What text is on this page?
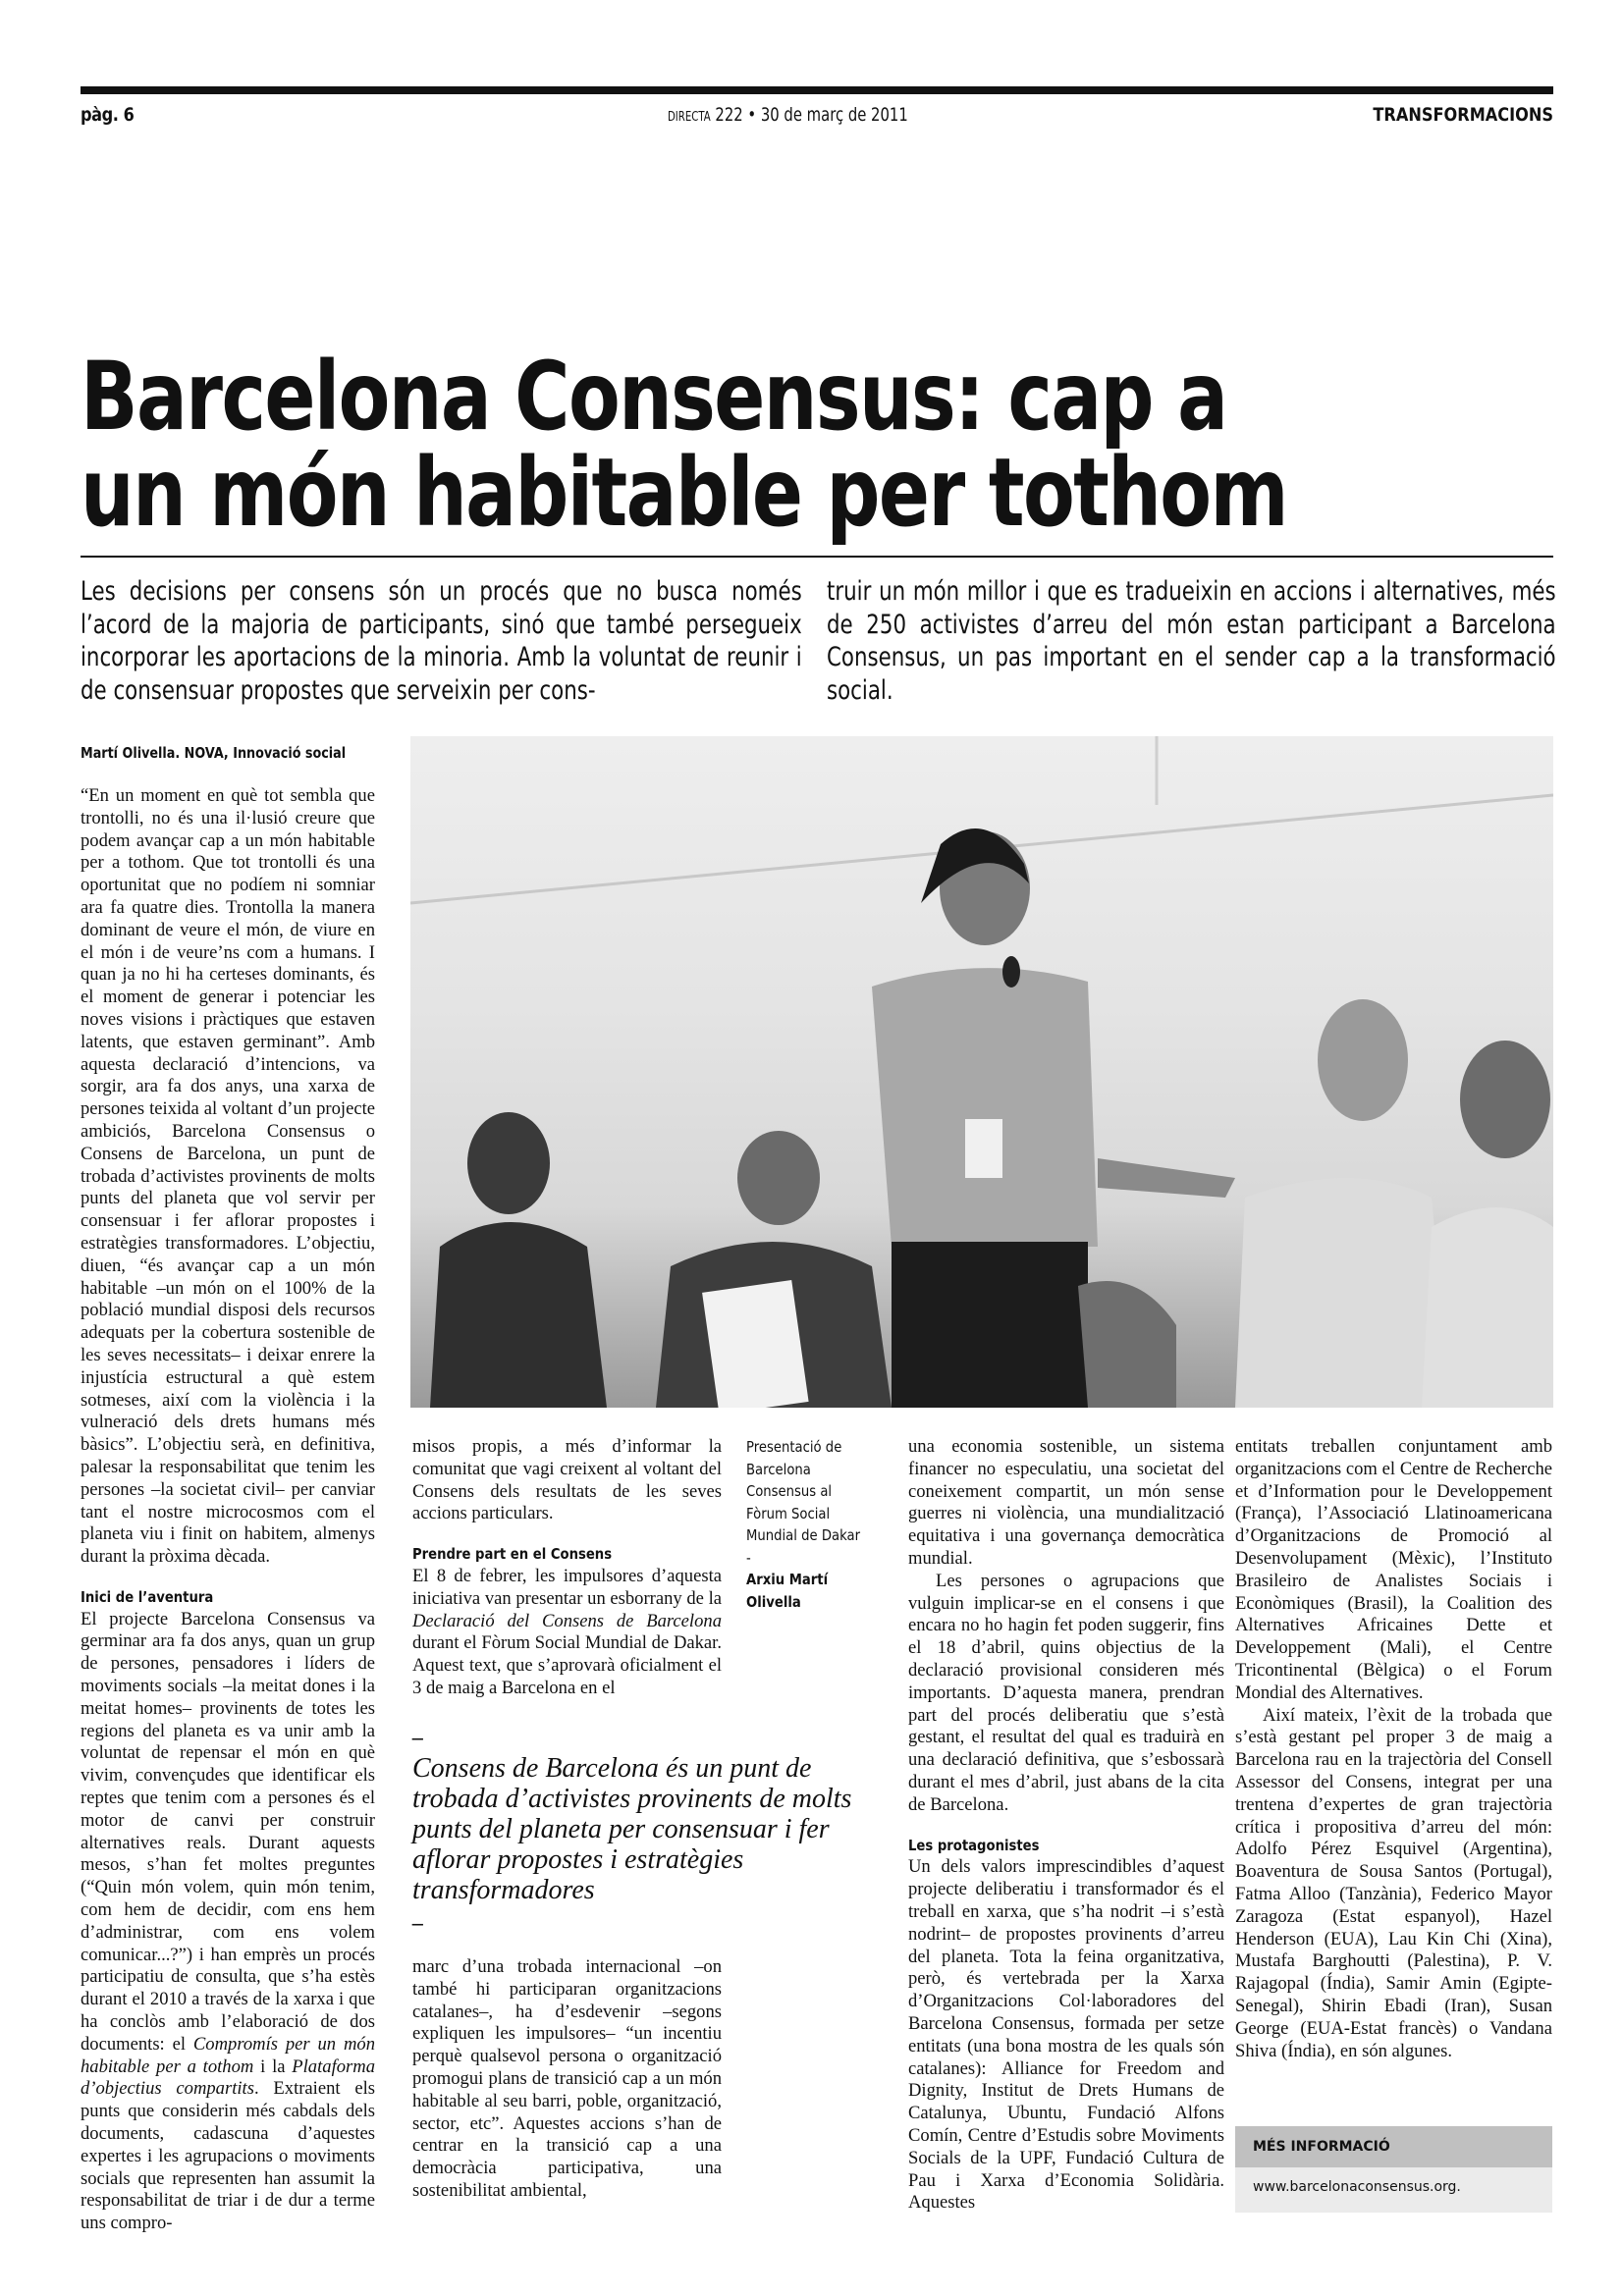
pàg. 6	DIRECTA 222 • 30 de març de 2011	TRANSFORMACIONS
Barcelona Consensus: cap a
un món habitable per tothom
Les decisions per consens són un procés que no busca només l’acord de la majoria de participants, sinó que també persegueix incorporar les aportacions de la minoria. Amb la voluntat de reunir i de consensuar propostes que serveixin per cons-
truir un món millor i que es tradueixin en accions i alternatives, més de 250 activistes d’arreu del món estan participant a Barcelona Consensus, un pas important en el sender cap a la transformació social.
Martí Olivella. NOVA, Innovació social

“En un moment en què tot sembla que trontolli, no és una il·lusió creure que podem avançar cap a un món habitable per a tothom. Que tot trontolli és una oportunitat que no podíem ni somniar ara fa quatre dies. Trontolla la manera dominant de veure el món, de viure en el món i de veure’ns com a humans. I quan ja no hi ha certeses dominants, és el moment de generar i potenciar les noves visions i pràctiques que estaven latents, que estaven germinant”. Amb aquesta declaració d’intencions, va sorgir, ara fa dos anys, una xarxa de persones teixida al voltant d’un projecte ambiciós, Barcelona Consensus o Consens de Barcelona, un punt de trobada d’activistes provinents de molts punts del planeta que vol servir per consensuar i fer aflorar propostes i estratègies transformadores. L’objectiu, diuen, “és avançar cap a un món habitable –un món on el 100% de la població mundial disposi dels recursos adequats per la cobertura sostenible de les seves necessitats– i deixar enrere la injustícia estructural a què estem sotmeses, així com la violència i la vulneració dels drets humans més bàsics”. L’objectiu serà, en definitiva, palesar la responsabilitat que tenim les persones –la societat civil– per canviar tant el nostre microcosmos com el planeta viu i finit on habitem, almenys durant la pròxima dècada.

Inici de l’aventura

El projecte Barcelona Consensus va germinar ara fa dos anys, quan un grup de persones, pensadores i líders de moviments socials –la meitat dones i la meitat homes– provinents de totes les regions del planeta es va unir amb la voluntat de repensar el món en què vivim, convençudes que identificar els reptes que tenim com a persones és el motor de canvi per construir alternatives reals. Durant aquests mesos, s’han fet moltes preguntes (“Quin món volem, quin món tenim, com hem de decidir, com ens hem d’administrar, com ens volem comunicar...?”) i han emprès un procés participatiu de consulta, que s’ha estès durant el 2010 a través de la xarxa i que ha conclòs amb l’elaboració de dos documents: el Compromís per un món habitable per a tothom i la Plataforma d’objectius compartits. Extraient els punts que considerin més cabdals dels documents, cadascuna d’aquestes expertes i les agrupacions o moviments socials que representen han assumit la responsabilitat de triar i de dur a terme uns compro-

misos propis, a més d’informar la comunitat que vagi creixent al voltant del Consens dels resultats de les seves accions particulars.

Prendre part en el Consens

El 8 de febrer, les impulsores d’aquesta iniciativa van presentar un esborrany de la Declaració del Consens de Barcelona durant el Fòrum Social Mundial de Dakar. Aquest text, que s’aprovarà oficialment el 3 de maig a Barcelona en el

Presentació de Barcelona Consensus al Fòrum Social Mundial de Dakar
-
Arxiu Martí Olivella
–
Consens de Barcelona és un punt de trobada d’activistes provinents de molts punts del planeta per consensuar i fer aflorar propostes i estratègies transformadores
–

marc d’una trobada internacional –on també hi participaran organitzacions catalanes–, ha d’esdevenir –segons expliquen les impulsores– “un incentiu perquè qualsevol persona o organització promogui plans de transició cap a un món habitable al seu barri, poble, organització, sector, etc”. Aquestes accions s’han de centrar en la transició cap a una democràcia participativa, una sostenibilitat ambiental,

una economia sostenible, un sistema financer no especulatiu, una societat del coneixement compartit, un món sense guerres ni violència, una mundialització equitativa i una governança democràtica mundial.

Les persones o agrupacions que vulguin implicar-se en el consens i que encara no ho hagin fet poden suggerir, fins el 18 d’abril, quins objectius de la declaració provisional consideren més importants. D’aquesta manera, prendran part del procés deliberatiu que s’està gestant, el resultat del qual es traduirà en una declaració definitiva, que s’esbossarà durant el mes d’abril, just abans de la cita de Barcelona.

Les protagonistes

Un dels valors imprescindibles d’aquest projecte deliberatiu i transformador és el treball en xarxa, que s’ha nodrit –i s’està nodrint– de propostes provinents d’arreu del planeta. Tota la feina organitzativa, però, és vertebrada per la Xarxa d’Organitzacions Col·laboradores del Barcelona Consensus, formada per setze entitats (una bona mostra de les quals són catalanes): Alliance for Freedom and Dignity, Institut de Drets Humans de Catalunya, Ubuntu, Fundació Alfons Comín, Centre d’Estudis sobre Moviments Socials de la UPF, Fundació Cultura de Pau i Xarxa d’Economia Solidària. Aquestes

entitats treballen conjuntament amb organitzacions com el Centre de Recherche et d’Information pour le Developpement (França), l’Associació Llatinoamericana d’Organitzacions de Promoció al Desenvolupament (Mèxic), l’Instituto Brasileiro de Analistes Sociais i Econòmiques (Brasil), la Coalition des Alternatives Africaines Dette et Developpement (Mali), el Centre Tricontinental (Bèlgica) o el Forum Mondial des Alternatives.

Així mateix, l’èxit de la trobada que s’està gestant pel proper 3 de maig a Barcelona rau en la trajectòria del Consell Assessor del Consens, integrat per una trentena d’expertes de gran trajectòria crítica i propositiva d’arreu del món: Adolfo Pérez Esquivel (Argentina), Boaventura de Sousa Santos (Portugal), Fatma Alloo (Tanzània), Federico Mayor Zaragoza (Estat espanyol), Hazel Henderson (EUA), Lau Kin Chi (Xina), Mustafa Barghoutti (Palestina), P. V. Rajagopal (Índia), Samir Amin (Egipte-Senegal), Shirin Ebadi (Iran), Susan George (EUA-Estat francès) o Vandana Shiva (Índia), en són algunes.

MÉS INFORMACIÓ
www.barcelonaconsensus.org.
